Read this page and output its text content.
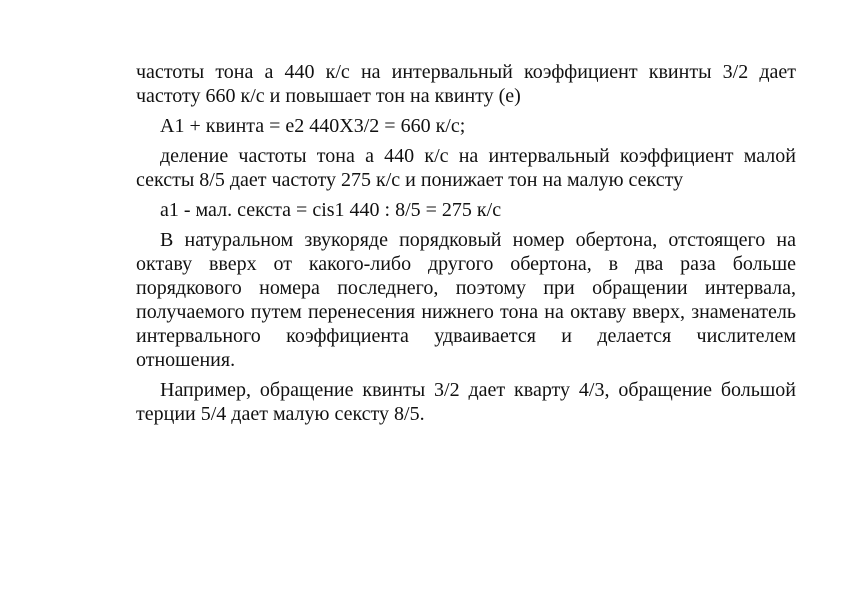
частоты тона a 440 к/с на интервальный коэффициент квинты 3/2 дает частоту 660 к/с и повышает тон на квинту (e)

A1 + квинта = e2 440X3/2 = 660 к/с;

деление частоты тона a 440 к/с на интервальный коэффициент малой сексты 8/5 дает частоту 275 к/с и понижает тон на малую сексту

a1 - мал. секста = cis1 440 : 8/5 = 275 к/с

В натуральном звукоряде порядковый номер обертона, отстоящего на октаву вверх от какого-либо другого обертона, в два раза больше порядкового номера последнего, поэтому при обращении интервала, получаемого путем перенесения нижнего тона на октаву вверх, знаменатель интервального коэффициента удваивается и делается числителем отношения.

Например, обращение квинты 3/2 дает кварту 4/3, обращение большой терции 5/4 дает малую сексту 8/5.
